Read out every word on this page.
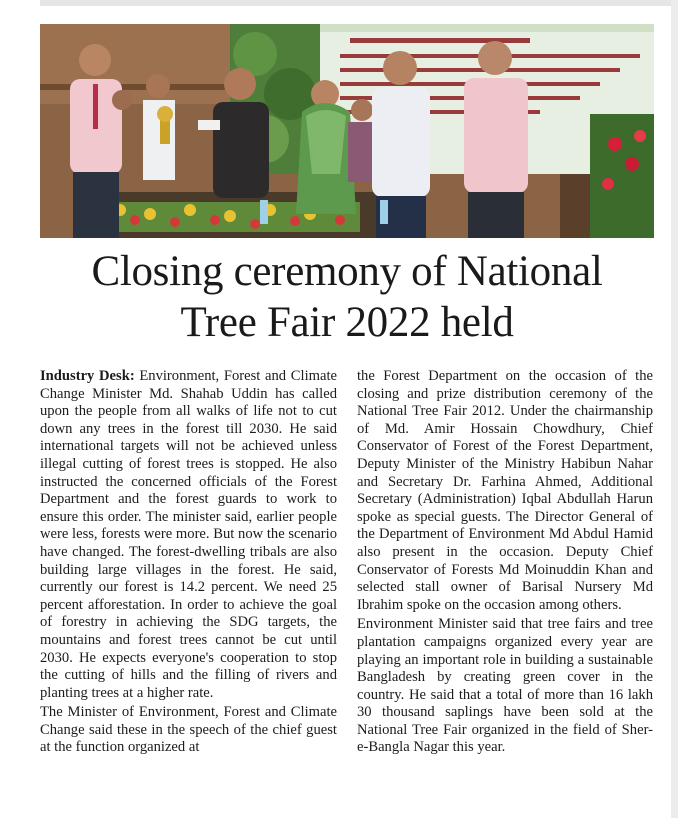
Closing ceremony of National
Tree Fair 2022 held

Industry Desk: Environment, Forest and Climate Change Minister Md. Shahab Uddin has called upon the people from all walks of life not to cut down any trees in the forest till 2030. He said international targets will not be achieved unless illegal cutting of forest trees is stopped. He also instructed the concerned officials of the Forest Department and the forest guards to work to ensure this order. The minister said, earlier people were less, forests were more. But now the scenario have changed. The forest-dwelling tribals are also building large villages in the forest. He said, currently our forest is 14.2 percent. We need 25 percent afforestation. In order to achieve the goal of forestry in achieving the SDG targets, the mountains and forest trees cannot be cut until 2030. He expects everyone's cooperation to stop the cutting of hills and the filling of rivers and planting trees at a higher rate.

The Minister of Environment, Forest and Climate Change said these in the speech of the chief guest at the function organized at

the Forest Department on the occasion of the closing and prize distribution ceremony of the National Tree Fair 2012. Under the chairmanship of Md. Amir Hossain Chowdhury, Chief Conservator of Forest of the Forest Department, Deputy Minister of the Ministry Habibun Nahar and Secretary Dr. Farhina Ahmed, Additional Secretary (Administration) Iqbal Abdullah Harun spoke as special guests. The Director General of the Department of Environment Md Abdul Hamid also present in the occasion. Deputy Chief Conservator of Forests Md Moinuddin Khan and selected stall owner of Barisal Nursery Md Ibrahim spoke on the occasion among others.

Environment Minister said that tree fairs and tree plantation campaigns organized every year are playing an important role in building a sustainable Bangladesh by creating green cover in the country. He said that a total of more than 16 lakh 30 thousand saplings have been sold at the National Tree Fair organized in the field of Sher-e-Bangla Nagar this year.
